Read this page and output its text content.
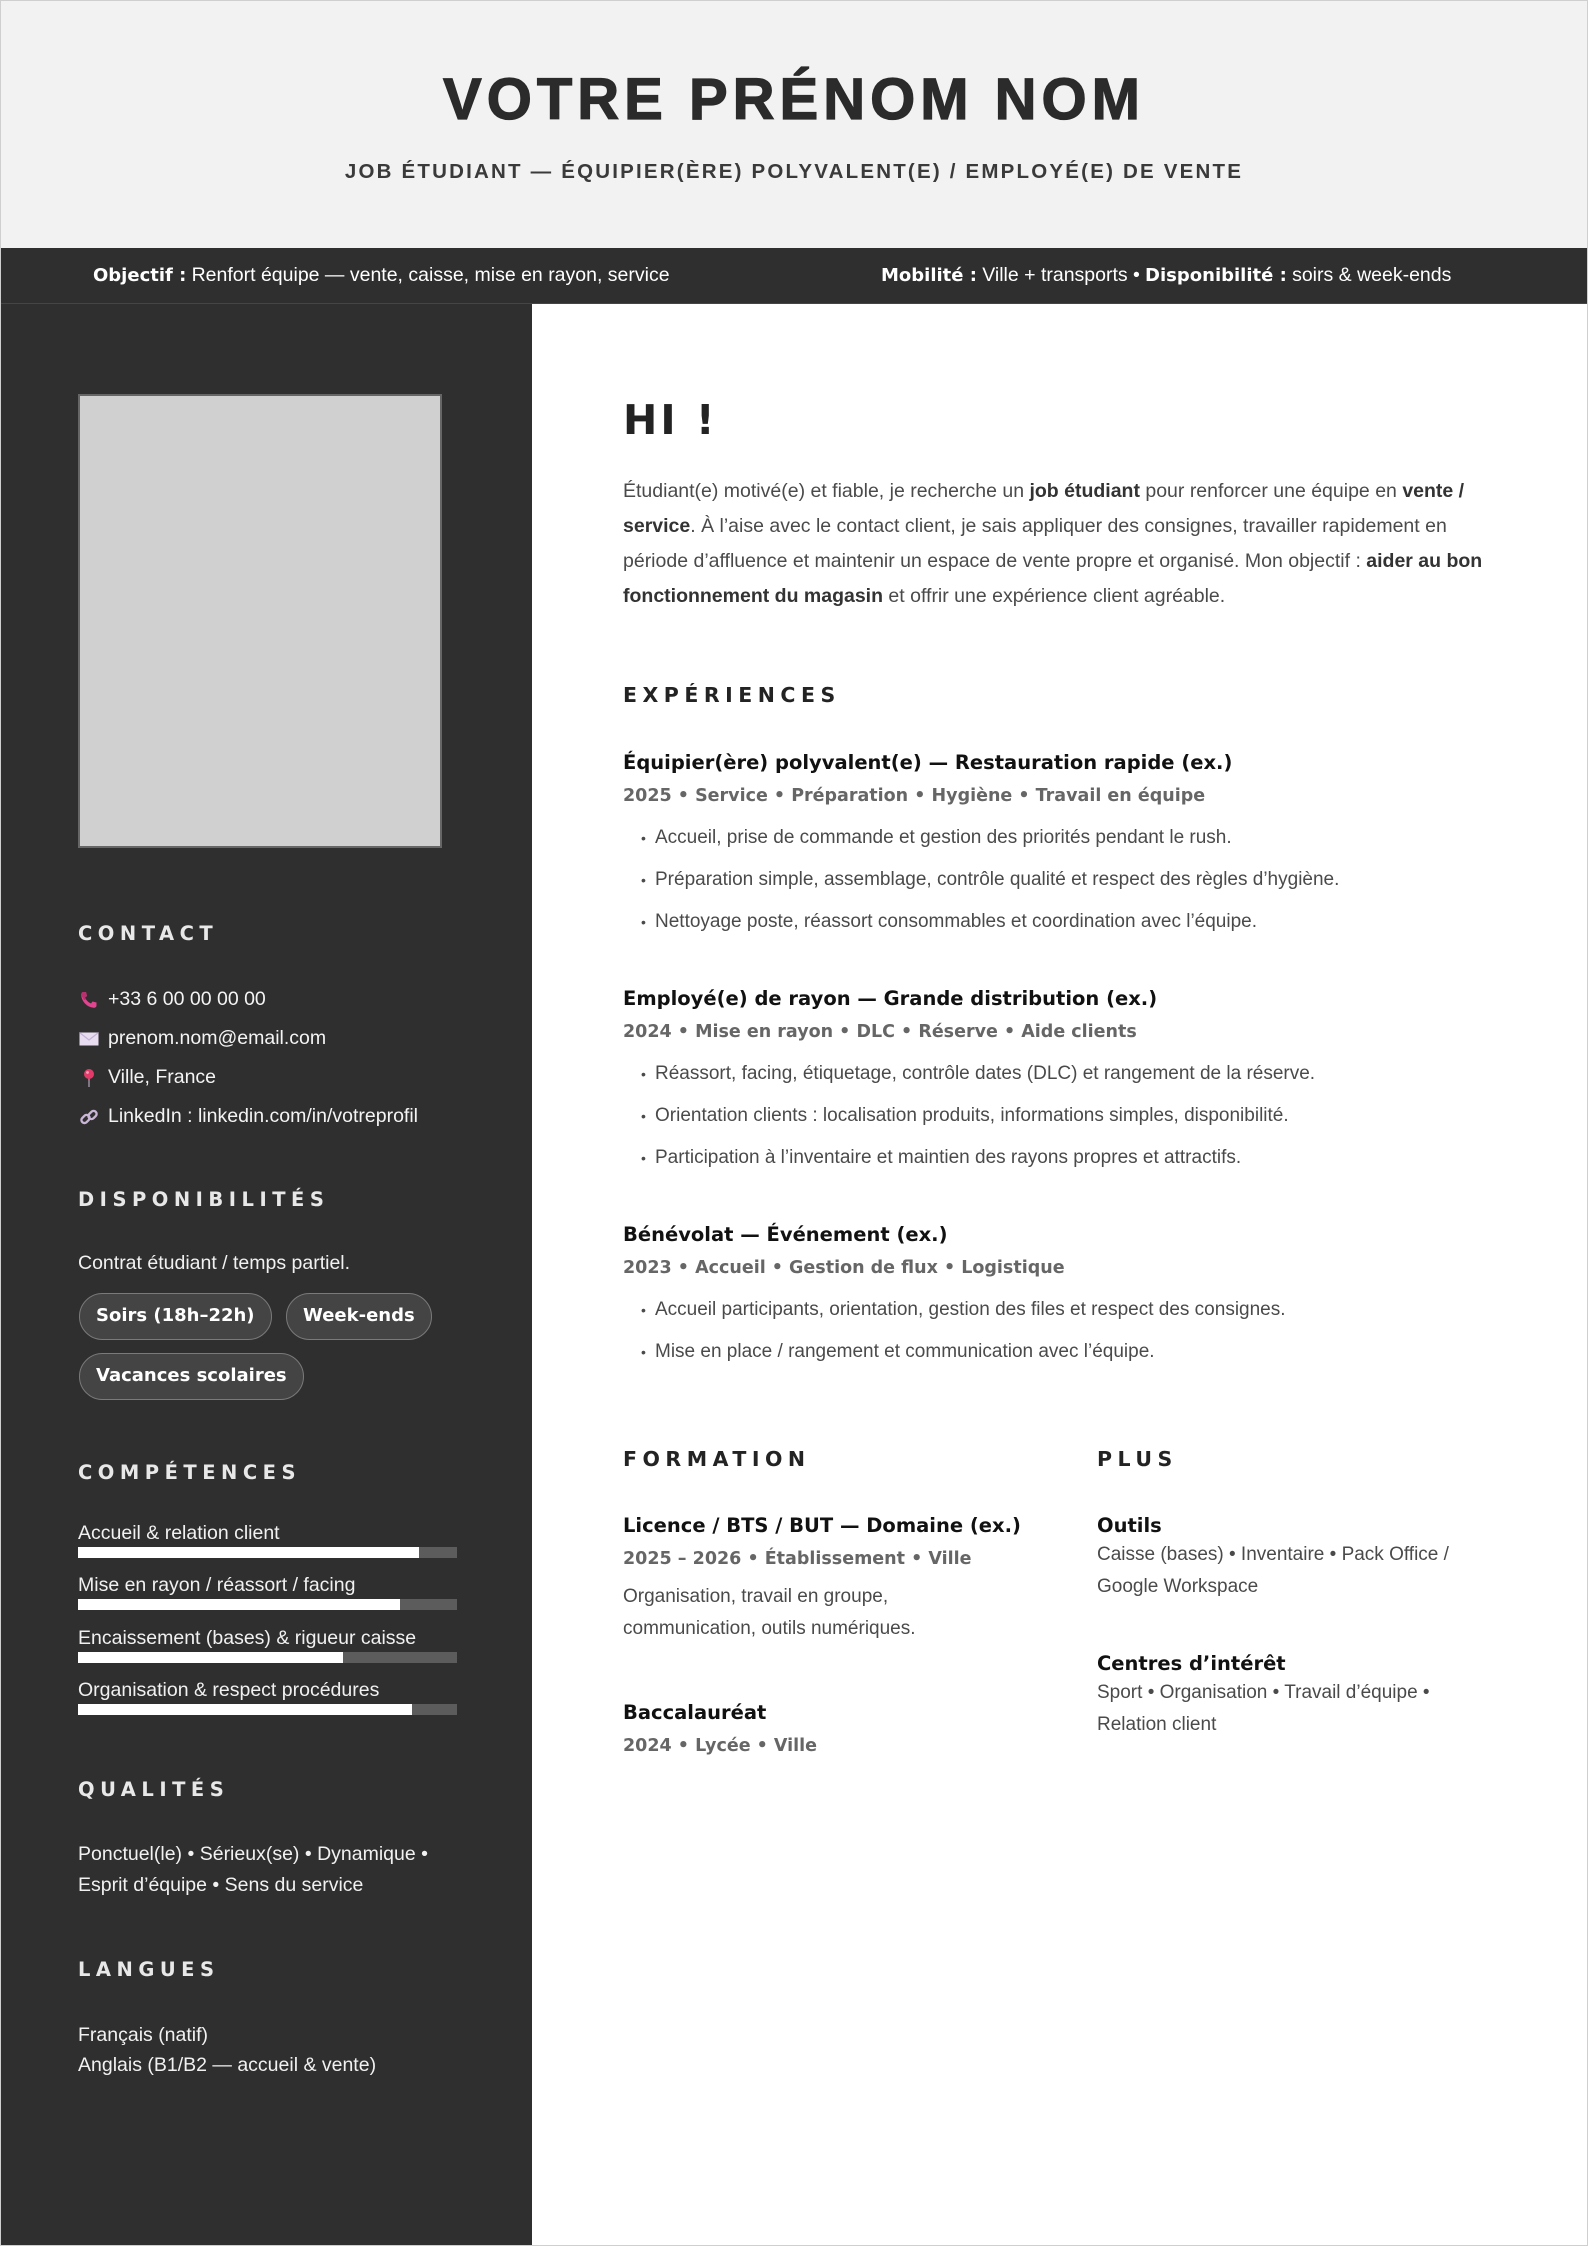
VOTRE PRÉNOM NOM
JOB ÉTUDIANT — ÉQUIPIER(ÈRE) POLYVALENT(E) / EMPLOYÉ(E) DE VENTE
Objectif : Renfort équipe — vente, caisse, mise en rayon, service	Mobilité : Ville + transports • Disponibilité : soirs & week-ends
CONTACT
+33 6 00 00 00 00
prenom.nom@email.com
Ville, France
LinkedIn : linkedin.com/in/votreprofil
DISPONIBILITÉS
Contrat étudiant / temps partiel.
Soirs (18h–22h)	Week-ends
Vacances scolaires
COMPÉTENCES
Accueil & relation client
Mise en rayon / réassort / facing
Encaissement (bases) & rigueur caisse
Organisation & respect procédures
QUALITÉS
Ponctuel(le) • Sérieux(se) • Dynamique •
Esprit d’équipe • Sens du service
LANGUES
Français (natif)
Anglais (B1/B2 — accueil & vente)
HI !

Étudiant(e) motivé(e) et fiable, je recherche un job étudiant pour renforcer une équipe en vente / service. À l’aise avec le contact client, je sais appliquer des consignes, travailler rapidement en période d’affluence et maintenir un espace de vente propre et organisé. Mon objectif : aider au bon fonctionnement du magasin et offrir une expérience client agréable.

EXPÉRIENCES
Équipier(ère) polyvalent(e) — Restauration rapide (ex.)
2025 • Service • Préparation • Hygiène • Travail en équipe
• Accueil, prise de commande et gestion des priorités pendant le rush.
• Préparation simple, assemblage, contrôle qualité et respect des règles d’hygiène.
• Nettoyage poste, réassort consommables et coordination avec l’équipe.
Employé(e) de rayon — Grande distribution (ex.)
2024 • Mise en rayon • DLC • Réserve • Aide clients
• Réassort, facing, étiquetage, contrôle dates (DLC) et rangement de la réserve.
• Orientation clients : localisation produits, informations simples, disponibilité.
• Participation à l’inventaire et maintien des rayons propres et attractifs.
Bénévolat — Événement (ex.)
2023 • Accueil • Gestion de flux • Logistique
• Accueil participants, orientation, gestion des files et respect des consignes.
• Mise en place / rangement et communication avec l’équipe.
FORMATION
Licence / BTS / BUT — Domaine (ex.)
2025 – 2026 • Établissement • Ville
Organisation, travail en groupe, communication, outils numériques.
Baccalauréat
2024 • Lycée • Ville
PLUS
Outils
Caisse (bases) • Inventaire • Pack Office / Google Workspace
Centres d’intérêt
Sport • Organisation • Travail d’équipe • Relation client
